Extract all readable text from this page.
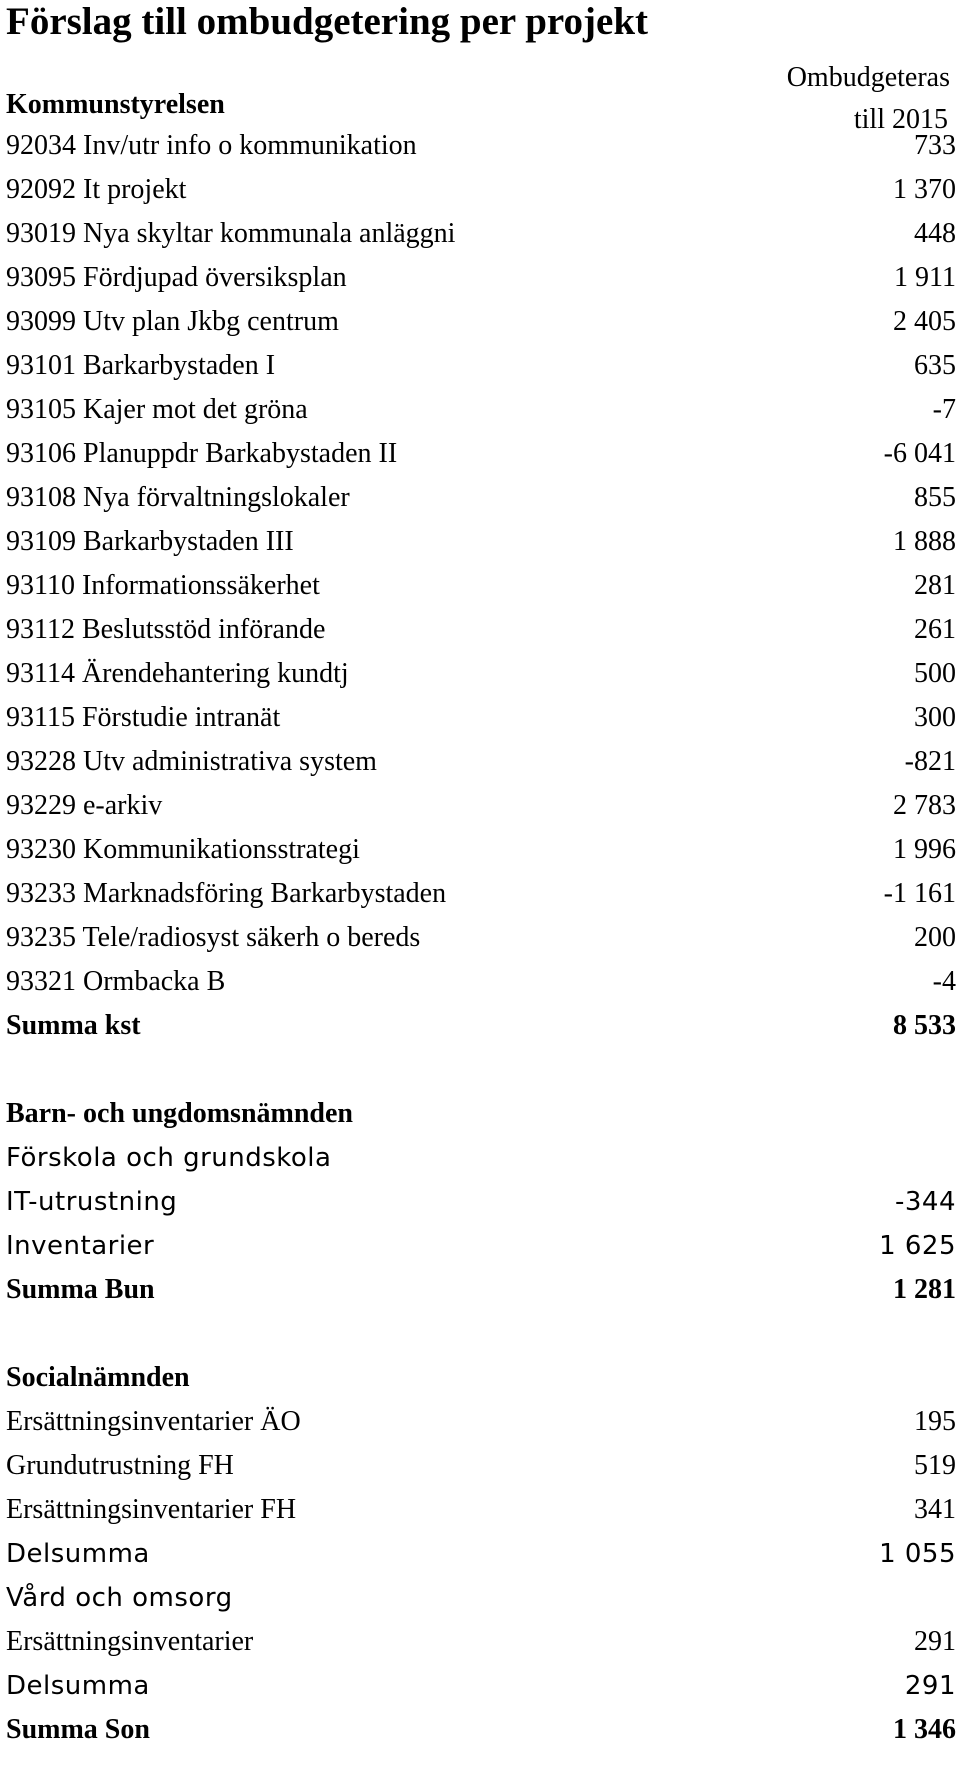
Förslag till ombudgetering per projekt
Ombudgeteras
till 2015
Kommunstyrelsen
92034 Inv/utr info o kommunikation	733
92092 It projekt	1 370
93019 Nya skyltar kommunala anläggni	448
93095 Fördjupad översiksplan	1 911
93099 Utv plan Jkbg centrum	2 405
93101 Barkarbystaden I	635
93105 Kajer mot det gröna	-7
93106 Planuppdr Barkabystaden II	-6 041
93108 Nya förvaltningslokaler	855
93109 Barkarbystaden III	1 888
93110 Informationssäkerhet	281
93112 Beslutsstöd införande	261
93114 Ärendehantering kundtj	500
93115 Förstudie intranät	300
93228 Utv administrativa system	-821
93229 e-arkiv	2 783
93230 Kommunikationsstrategi	1 996
93233 Marknadsföring Barkarbystaden	-1 161
93235 Tele/radiosyst säkerh o bereds	200
93321 Ormbacka B	-4
Summa kst	8 533
Barn- och ungdomsnämnden
Förskola och grundskola
IT-utrustning	-344
Inventarier	1 625
Summa Bun	1 281
Socialnämnden
Ersättningsinventarier ÄO	195
Grundutrustning FH	519
Ersättningsinventarier FH	341
Delsumma	1 055
Vård och omsorg
Ersättningsinventarier	291
Delsumma	291
Summa Son	1 346
